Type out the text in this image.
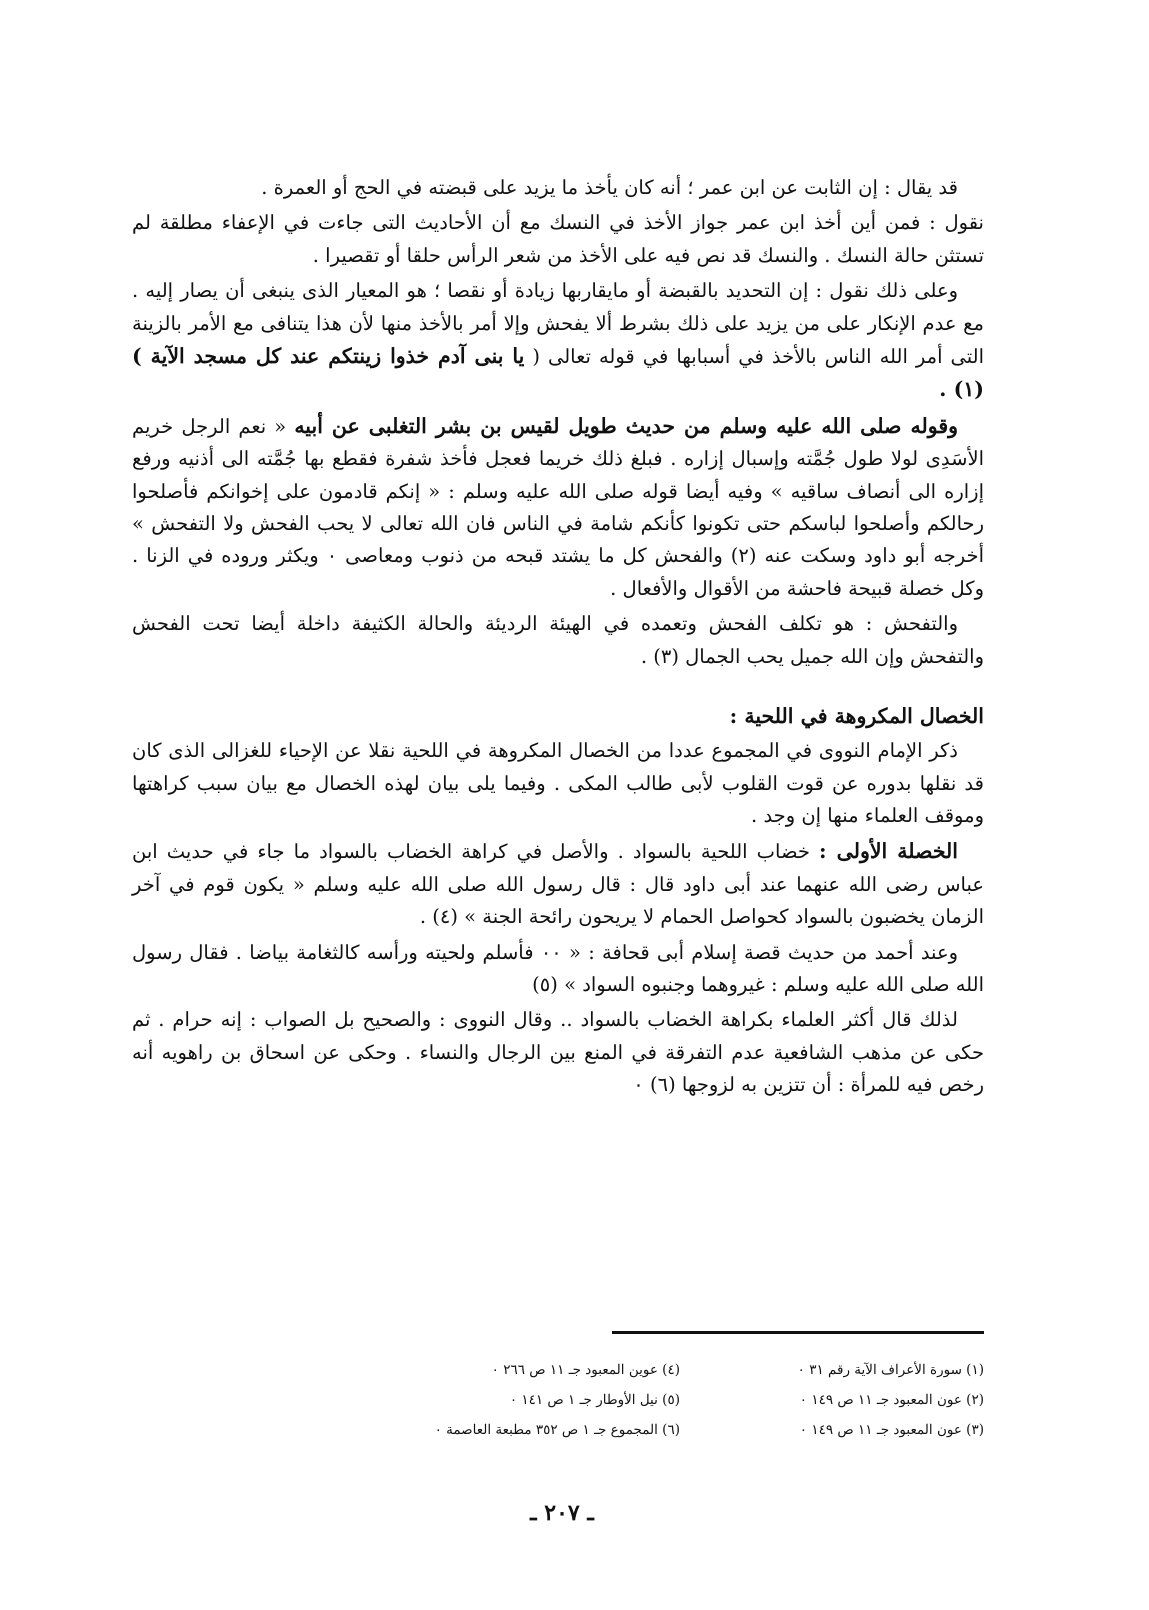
قد يقال : إن الثابت عن ابن عمر ؛ أنه كان يأخذ ما يزيد على قبضته في الحج أو العمرة .

نقول : فمن أين أخذ ابن عمر جواز الأخذ في النسك مع أن الأحاديث التى جاءت في الإعفاء مطلقة لم تستثن حالة النسك . والنسك قد نص فيه على الأخذ من شعر الرأس حلقا أو تقصيرا .

وعلى ذلك نقول : إن التحديد بالقبضة أو مايقاربها زيادة أو نقصا ؛ هو المعيار الذى ينبغى أن يصار إليه . مع عدم الإنكار على من يزيد على ذلك بشرط ألا يفحش وإلا أمر بالأخذ منها لأن هذا يتنافى مع الأمر بالزينة التى أمر الله الناس بالأخذ في أسبابها في قوله تعالى ( يا بنى آدم خذوا زينتكم عند كل مسجد الآية ) (١) .

وقوله صلى الله عليه وسلم من حديث طويل لقيس بن بشر التغلبى عن أبيه « نعم الرجل خريم الأسَدِى لولا طول جُمَّته وإسبال إزاره . فبلغ ذلك خريما فعجل فأخذ شفرة فقطع بها جُمَّته الى أذنيه ورفع إزاره الى أنصاف ساقيه » وفيه أيضا قوله صلى الله عليه وسلم : « إنكم قادمون على إخوانكم فأصلحوا رحالكم وأصلحوا لباسكم حتى تكونوا كأنكم شامة في الناس فان الله تعالى لا يحب الفحش ولا التفحش » أخرجه أبو داود وسكت عنه (٢) والفحش كل ما يشتد قبحه من ذنوب ومعاصى ٠ ويكثر وروده في الزنا . وكل خصلة قبيحة فاحشة من الأقوال والأفعال .

والتفحش : هو تكلف الفحش وتعمده في الهيئة الرديئة والحالة الكثيفة داخلة أيضا تحت الفحش والتفحش وإن الله جميل يحب الجمال (٣) .

الخصال المكروهة في اللحية :

ذكر الإمام النووى في المجموع عددا من الخصال المكروهة في اللحية نقلا عن الإحياء للغزالى الذى كان قد نقلها بدوره عن قوت القلوب لأبى طالب المكى . وفيما يلى بيان لهذه الخصال مع بيان سبب كراهتها وموقف العلماء منها إن وجد .

الخصلة الأولى : خضاب اللحية بالسواد . والأصل في كراهة الخضاب بالسواد ما جاء في حديث ابن عباس رضى الله عنهما عند أبى داود قال : قال رسول الله صلى الله عليه وسلم « يكون قوم في آخر الزمان يخضبون بالسواد كحواصل الحمام لا يريحون رائحة الجنة » (٤) .

وعند أحمد من حديث قصة إسلام أبى قحافة : « ٠٠ فأسلم ولحيته ورأسه كالثغامة بياضا . فقال رسول الله صلى الله عليه وسلم : غيروهما وجنبوه السواد » (٥)

لذلك قال أكثر العلماء بكراهة الخضاب بالسواد .. وقال النووى : والصحيح بل الصواب : إنه حرام . ثم حكى عن مذهب الشافعية عدم التفرقة في المنع بين الرجال والنساء . وحكى عن اسحاق بن راهويه أنه رخص فيه للمرأة : أن تتزين به لزوجها (٦) ٠

(١) سورة الأعراف الآية رقم ٣١ ٠
(٢) عون المعبود جـ ١١ ص ١٤٩ ٠
(٣) عون المعبود جـ ١١ ص ١٤٩ ٠
(٤) عوين المعبود جـ ١١ ص ٢٦٦ ٠
(٥) نيل الأوطار جـ ١ ص ١٤١ ٠
(٦) المجموع جـ ١ ص ٣٥٢ مطبعة العاصمة ٠
ـ ٢٠٧ ـ
